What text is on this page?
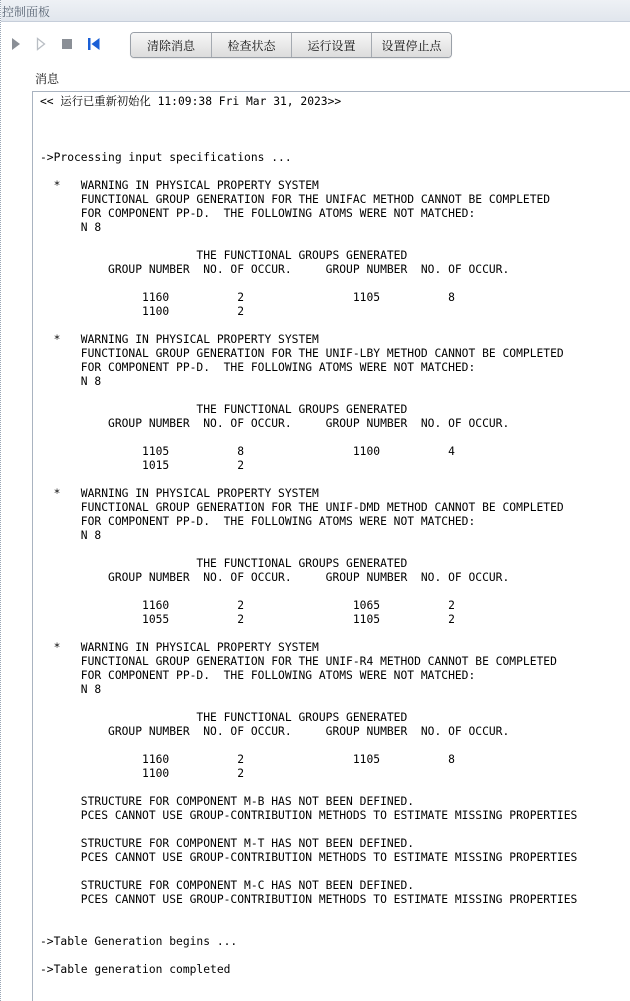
控制面板
清除消息	检查状态	运行设置	设置停止点
消息
<< 运行已重新初始化 11:09:38 Fri Mar 31, 2023>>

->Processing input specifications ...

*   WARNING IN PHYSICAL PROPERTY SYSTEM
FUNCTIONAL GROUP GENERATION FOR THE UNIFAC METHOD CANNOT BE COMPLETED
FOR COMPONENT PP-D.  THE FOLLOWING ATOMS WERE NOT MATCHED:
N 8

THE FUNCTIONAL GROUPS GENERATED
GROUP NUMBER  NO. OF OCCUR.     GROUP NUMBER  NO. OF OCCUR.

1160          2                1105          8
1100          2

*   WARNING IN PHYSICAL PROPERTY SYSTEM
FUNCTIONAL GROUP GENERATION FOR THE UNIF-LBY METHOD CANNOT BE COMPLETED
FOR COMPONENT PP-D.  THE FOLLOWING ATOMS WERE NOT MATCHED:
N 8

THE FUNCTIONAL GROUPS GENERATED
GROUP NUMBER  NO. OF OCCUR.     GROUP NUMBER  NO. OF OCCUR.

1105          8                1100          4
1015          2

*   WARNING IN PHYSICAL PROPERTY SYSTEM
FUNCTIONAL GROUP GENERATION FOR THE UNIF-DMD METHOD CANNOT BE COMPLETED
FOR COMPONENT PP-D.  THE FOLLOWING ATOMS WERE NOT MATCHED:
N 8

THE FUNCTIONAL GROUPS GENERATED
GROUP NUMBER  NO. OF OCCUR.     GROUP NUMBER  NO. OF OCCUR.

1160          2                1065          2
1055          2                1105          2

*   WARNING IN PHYSICAL PROPERTY SYSTEM
FUNCTIONAL GROUP GENERATION FOR THE UNIF-R4 METHOD CANNOT BE COMPLETED
FOR COMPONENT PP-D.  THE FOLLOWING ATOMS WERE NOT MATCHED:
N 8

THE FUNCTIONAL GROUPS GENERATED
GROUP NUMBER  NO. OF OCCUR.     GROUP NUMBER  NO. OF OCCUR.

1160          2                1105          8
1100          2

STRUCTURE FOR COMPONENT M-B HAS NOT BEEN DEFINED.
PCES CANNOT USE GROUP-CONTRIBUTION METHODS TO ESTIMATE MISSING PROPERTIES

STRUCTURE FOR COMPONENT M-T HAS NOT BEEN DEFINED.
PCES CANNOT USE GROUP-CONTRIBUTION METHODS TO ESTIMATE MISSING PROPERTIES

STRUCTURE FOR COMPONENT M-C HAS NOT BEEN DEFINED.
PCES CANNOT USE GROUP-CONTRIBUTION METHODS TO ESTIMATE MISSING PROPERTIES

->Table Generation begins ...

->Table generation completed
